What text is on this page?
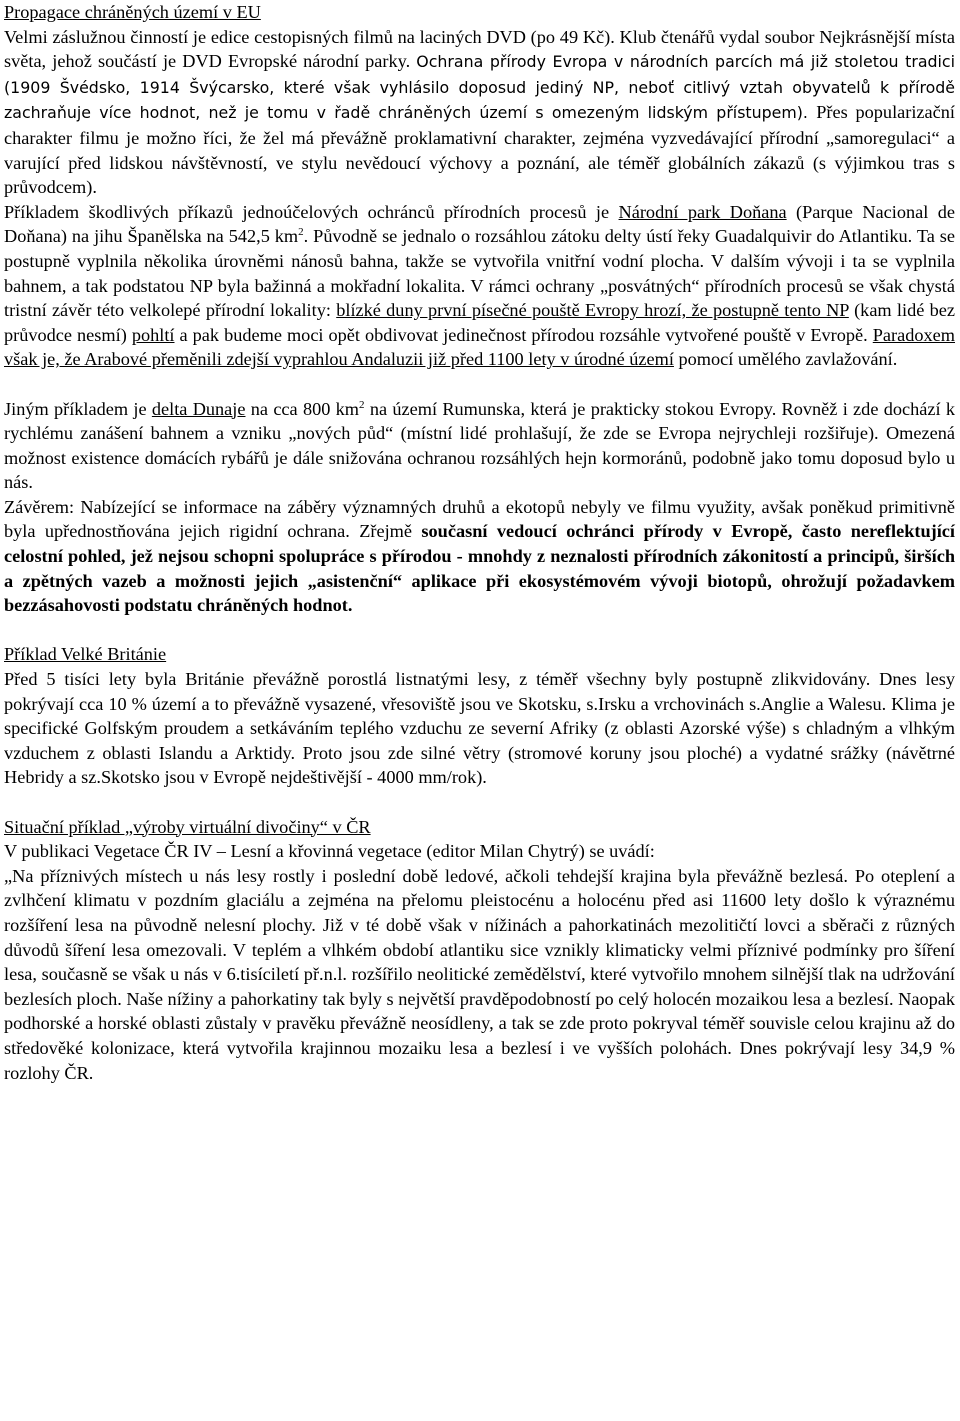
Propagace chráněných území v EU

Velmi záslužnou činností je edice cestopisných filmů na laciných DVD (po 49 Kč). Klub čtenářů vydal soubor Nejkrásnější místa světa, jehož součástí je DVD Evropské národní parky. Ochrana přírody Evropa v národních parcích má již stoletou tradici (1909 Švédsko, 1914 Švýcarsko, které však vyhlásilo doposud jediný NP, neboť citlivý vztah obyvatelů k přírodě zachraňuje více hodnot, než je tomu v řadě chráněných území s omezeným lidským přístupem). Přes popularizační charakter filmu je možno říci, že žel má převážně proklamativní charakter, zejména vyzvedávající přírodní „samoregulaci“ a varující před lidskou návštěvností, ve stylu nevědoucí výchovy a poznání, ale téměř globálních zákazů (s výjimkou tras s průvodcem).

Příkladem škodlivých příkazů jednoúčelových ochránců přírodních procesů je Národní park Doňana (Parque Nacional de Doňana) na jihu Španělska na 542,5 $km^2$. Původně se jednalo o rozsáhlou zátoku delty ústí řeky Guadalquivir do Atlantiku. Ta se postupně vyplnila několika úrovněmi nánosů bahna, takže se vytvořila vnitřní vodní plocha. V dalším vývoji i ta se vyplnila bahnem, a tak podstatou NP byla bažinná a mokřadní lokalita. V rámci ochrany „posvátných“ přírodních procesů se však chystá tristní závěr této velkolepé přírodní lokality: blízké duny první písečné pouště Evropy hrozí, že postupně tento NP (kam lidé bez průvodce nesmí) pohltí a pak budeme moci opět obdivovat jedinečnost přírodou rozsáhle vytvořené pouště v Evropě. Paradoxem však je, že Arabové přeměnili zdejší vyprahlou Andaluzii již před 1100 lety v úrodné území pomocí umělého zavlažování.

Jiným příkladem je delta Dunaje na cca 800 $km^2$ na území Rumunska, která je prakticky stokou Evropy. Rovněž i zde dochází k rychlému zanášení bahnem a vzniku „nových půd“ (místní lidé prohlašují, že zde se Evropa nejrychleji rozšiřuje). Omezená možnost existence domácích rybářů je dále snižována ochranou rozsáhlých hejn kormoránů, podobně jako tomu doposud bylo u nás.

Závěrem: Nabízející se informace na záběry významných druhů a ekotopů nebyly ve filmu využity, avšak poněkud primitivně byla upřednostňována jejich rigidní ochrana. Zřejmě současní vedoucí ochránci přírody v Evropě, často nereflektující celostní pohled, jež nejsou schopni spolupráce s přírodou - mnohdy z neznalosti přírodních zákonitostí a principů, širších a zpětných vazeb a možnosti jejich „asistenční“ aplikace při ekosystémovém vývoji biotopů, ohrožují požadavkem bezzásahovosti podstatu chráněných hodnot.

Příklad Velké Británie

Před 5 tisíci lety byla Británie převážně porostlá listnatými lesy, z téměř všechny byly postupně zlikvidovány. Dnes lesy pokrývají cca 10 % území a to převážně vysazené, vřesoviště jsou ve Skotsku, s.Irsku a vrchovinách s.Anglie a Walesu. Klima je specifické Golfským proudem a setkáváním teplého vzduchu ze severní Afriky (z oblasti Azorské výše) s chladným a vlhkým vzduchem z oblasti Islandu a Arktidy. Proto jsou zde silné větry (stromové koruny jsou ploché) a vydatné srážky (návětrné Hebridy a sz.Skotsko jsou v Evropě nejdeštivější - 4000 mm/rok).

Situační příklad „výroby virtuální divočiny“ v ČR

V publikaci Vegetace ČR IV – Lesní a křovinná vegetace (editor Milan Chytrý) se uvádí:

„Na příznivých místech u nás lesy rostly i poslední době ledové, ačkoli tehdejší krajina byla převážně bezlesá. Po oteplení a zvlhčení klimatu v pozdním glaciálu a zejména na přelomu pleistocénu a holocénu před asi 11600 lety došlo k výraznému rozšíření lesa na původně nelesní plochy. Již v té době však v nížinách a pahorkatinách mezolitičtí lovci a sběrači z různých důvodů šíření lesa omezovali. V teplém a vlhkém období atlantiku sice vznikly klimaticky velmi příznivé podmínky pro šíření lesa, současně se však u nás v 6.tisíciletí př.n.l. rozšířilo neolitické zemědělství, které vytvořilo mnohem silnější tlak na udržování bezlesích ploch. Naše nížiny a pahorkatiny tak byly s největší pravděpodobností po celý holocén mozaikou lesa a bezlesí. Naopak podhorské a horské oblasti zůstaly v pravěku převážně neosídleny, a tak se zde proto pokryval téměř souvisle celou krajinu až do středověké kolonizace, která vytvořila krajinnou mozaiku lesa a bezlesí i ve vyšších polohách. Dnes pokrývají lesy 34,9 % rozlohy ČR.
